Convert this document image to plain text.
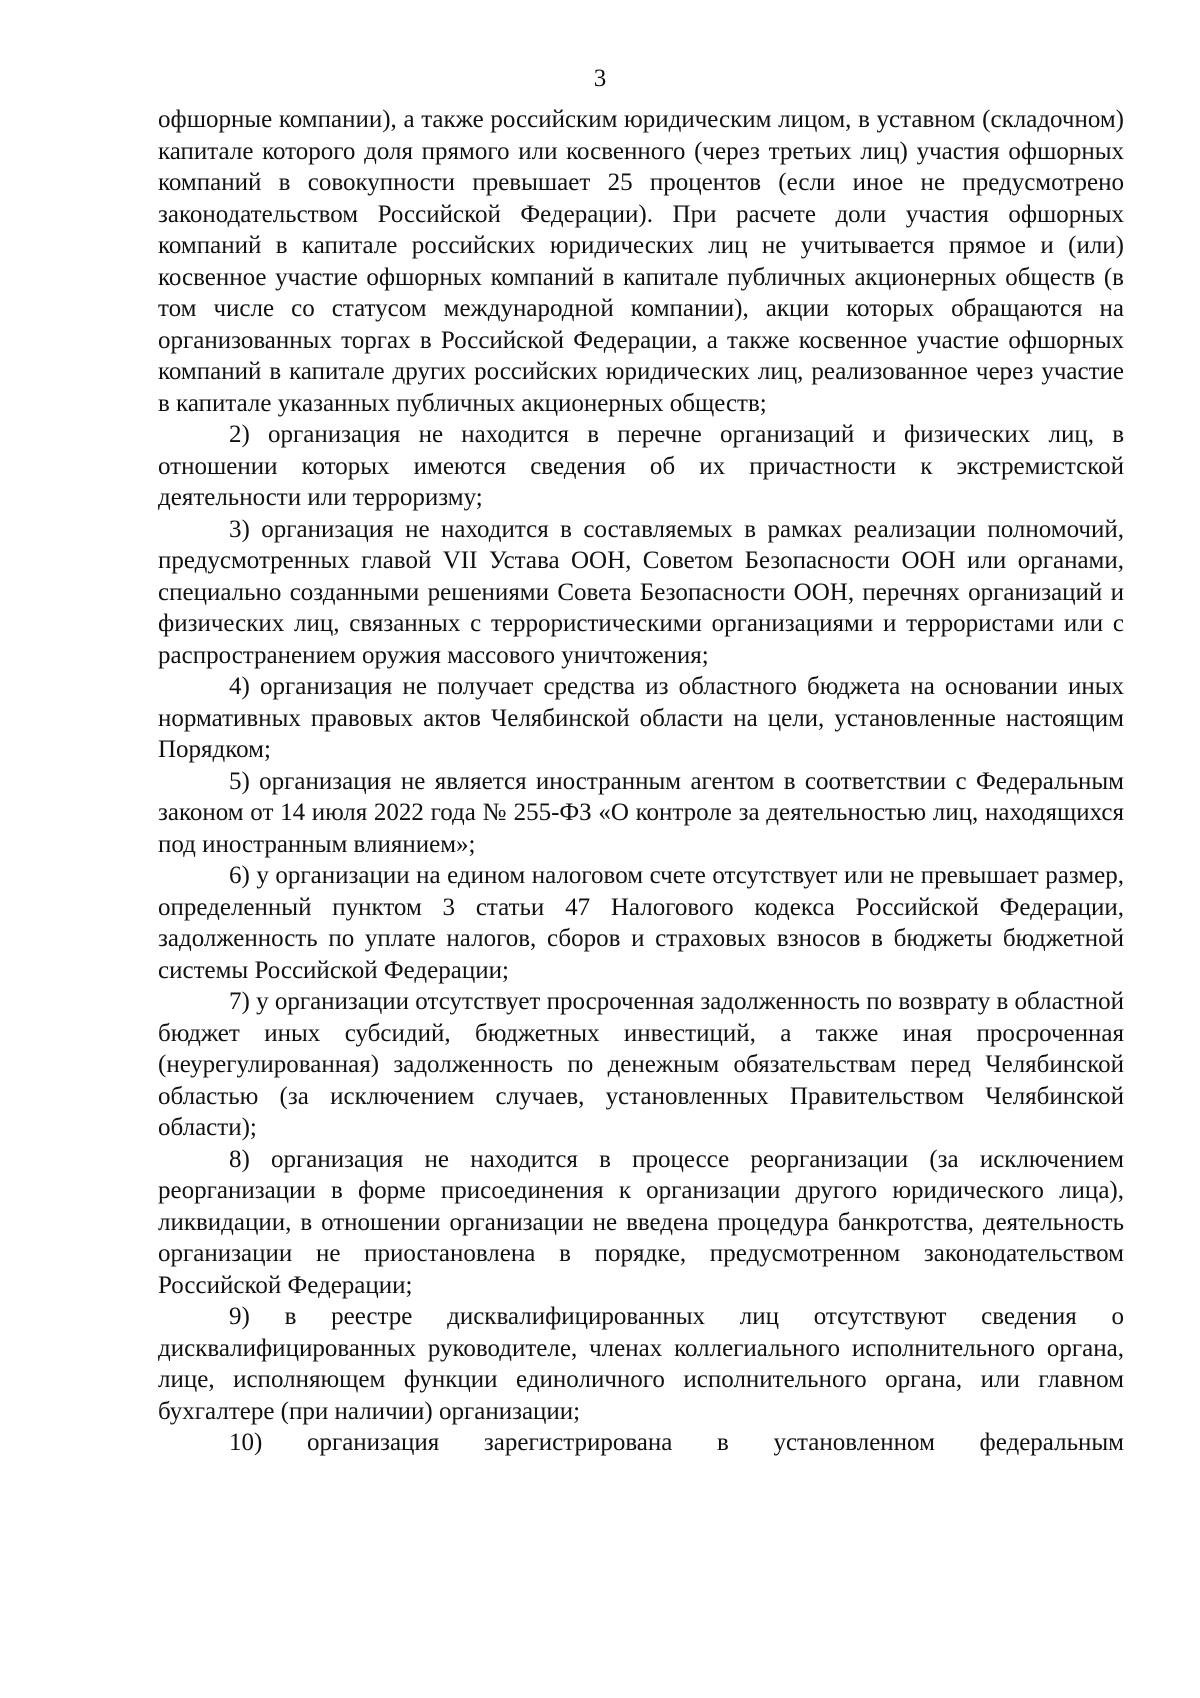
3

офшорные компании), а также российским юридическим лицом, в уставном (складочном) капитале которого доля прямого или косвенного (через третьих лиц) участия офшорных компаний в совокупности превышает 25 процентов (если иное не предусмотрено законодательством Российской Федерации). При расчете доли участия офшорных компаний в капитале российских юридических лиц не учитывается прямое и (или) косвенное участие офшорных компаний в капитале публичных акционерных обществ (в том числе со статусом международной компании), акции которых обращаются на организованных торгах в Российской Федерации, а также косвенное участие офшорных компаний в капитале других российских юридических лиц, реализованное через участие в капитале указанных публичных акционерных обществ;

2) организация не находится в перечне организаций и физических лиц, в отношении которых имеются сведения об их причастности к экстремистской деятельности или терроризму;

3) организация не находится в составляемых в рамках реализации полномочий, предусмотренных главой VII Устава ООН, Советом Безопасности ООН или органами, специально созданными решениями Совета Безопасности ООН, перечнях организаций и физических лиц, связанных с террористическими организациями и террористами или с распространением оружия массового уничтожения;

4) организация не получает средства из областного бюджета на основании иных нормативных правовых актов Челябинской области на цели, установленные настоящим Порядком;

5) организация не является иностранным агентом в соответствии с Федеральным законом от 14 июля 2022 года № 255-ФЗ «О контроле за деятельностью лиц, находящихся под иностранным влиянием»;

6) у организации на едином налоговом счете отсутствует или не превышает размер, определенный пунктом 3 статьи 47 Налогового кодекса Российской Федерации, задолженность по уплате налогов, сборов и страховых взносов в бюджеты бюджетной системы Российской Федерации;

7) у организации отсутствует просроченная задолженность по возврату в областной бюджет иных субсидий, бюджетных инвестиций, а также иная просроченная (неурегулированная) задолженность по денежным обязательствам перед Челябинской областью (за исключением случаев, установленных Правительством Челябинской области);

8) организация не находится в процессе реорганизации (за исключением реорганизации в форме присоединения к организации другого юридического лица), ликвидации, в отношении организации не введена процедура банкротства, деятельность организации не приостановлена в порядке, предусмотренном законодательством Российской Федерации;

9) в реестре дисквалифицированных лиц отсутствуют сведения о дисквалифицированных руководителе, членах коллегиального исполнительного органа, лице, исполняющем функции единоличного исполнительного органа, или главном бухгалтере (при наличии) организации;

10) организация зарегистрирована в установленном федеральным
